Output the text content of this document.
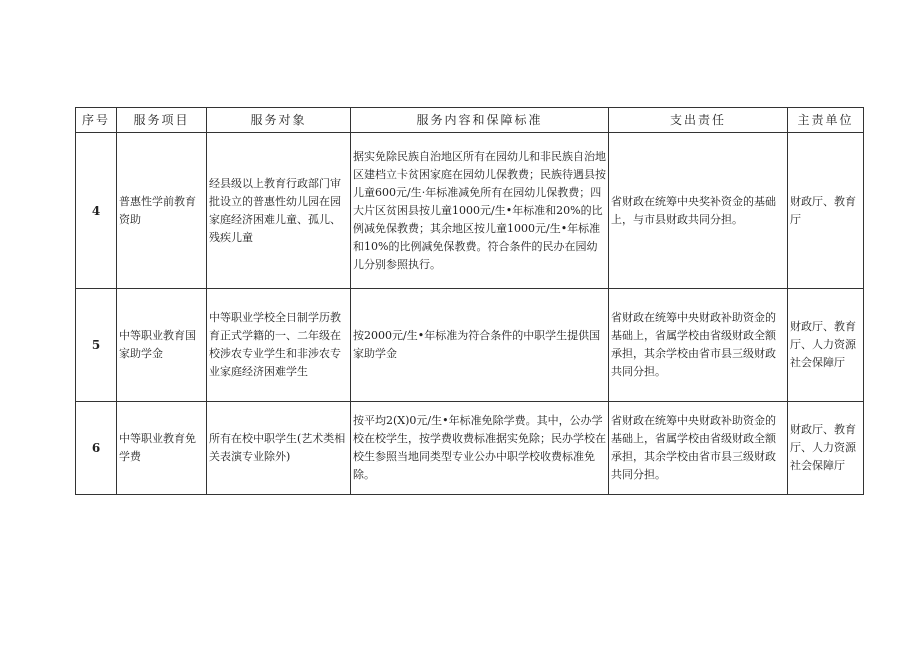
序号	服务项目	服务对象	服务内容和保障标准	支出责任	主责单位
4	普惠性学前教育资助	经县级以上教育行政部门审批设立的普惠性幼儿园在园家庭经济困难儿童、孤儿、残疾儿童	据实免除民族自治地区所有在园幼儿和非民族自治地区建档立卡贫困家庭在园幼儿保教费；民族待遇县按儿童600元/生·年标准减免所有在园幼儿保教费；四大片区贫困县按儿童1000元/生•年标准和20%的比例减免保教费；其余地区按儿童1000元/生•年标准和10%的比例减免保教费。符合条件的民办在园幼儿分别参照执行。	省财政在统筹中央奖补资金的基础上，与市县财政共同分担。	财政厅、教育厅
5	中等职业教育国家助学金	中等职业学校全日制学历教育正式学籍的一、二年级在校涉农专业学生和非涉农专业家庭经济困难学生	按2000元/生•年标准为符合条件的中职学生提供国家助学金	省财政在统筹中央财政补助资金的基础上，省属学校由省级财政全额承担，其余学校由省市县三级财政共同分担。	财政厅、教育厅、人力资源社会保障厅
6	中等职业教育免学费	所有在校中职学生(艺术类相关表演专业除外)	按平均2(X)0元/生•年标准免除学费。其中，公办学校在校学生，按学费收费标准据实免除；民办学校在校生参照当地同类型专业公办中职学校收费标准免除。	省财政在统筹中央财政补助资金的基础上，省属学校由省级财政全额承担，其余学校由省市县三级财政共同分担。	财政厅、教育厅、人力资源社会保障厅
